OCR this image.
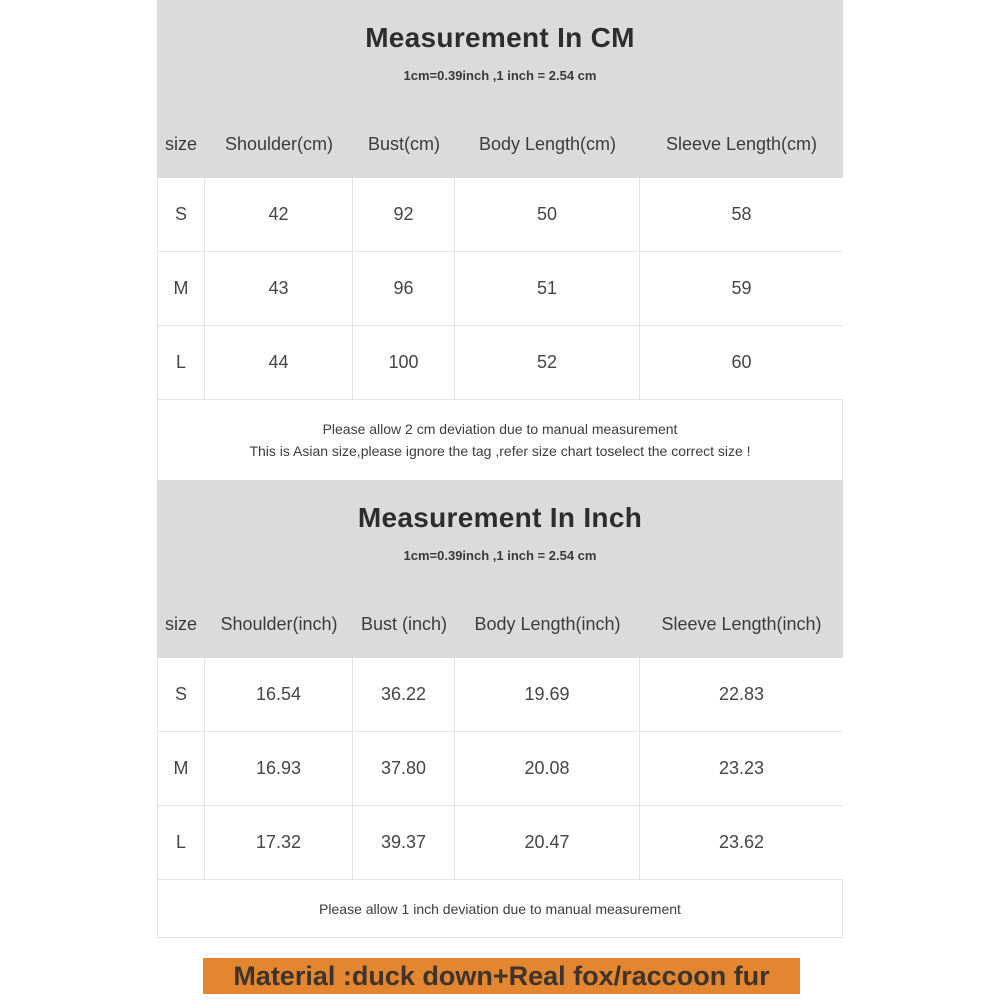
Measurement In CM
1cm=0.39inch ,1 inch = 2.54 cm
size	Shoulder(cm)	Bust(cm)	Body Length(cm)	Sleeve Length(cm)
S	42	92	50	58
M	43	96	51	59
L	44	100	52	60
Please allow 2 cm deviation due to manual measurement
This is Asian size,please ignore the tag ,refer size chart toselect the correct size !
Measurement In Inch
1cm=0.39inch ,1 inch = 2.54 cm
size	Shoulder(inch)	Bust (inch)	Body Length(inch)	Sleeve Length(inch)
S	16.54	36.22	19.69	22.83
M	16.93	37.80	20.08	23.23
L	17.32	39.37	20.47	23.62
Please allow 1 inch deviation due to manual measurement
Material :duck down+Real fox/raccoon fur
